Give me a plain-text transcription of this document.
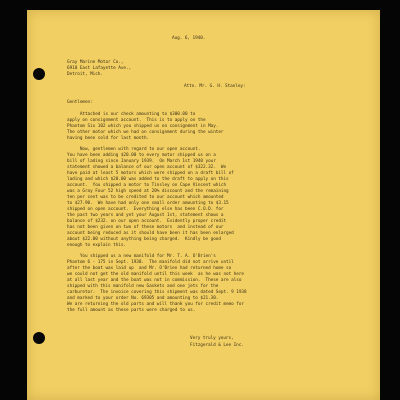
Aug. 6, 1940.
Gray Marine Motor Co.,
6910 East Lafayette Ave.,
Detroit, Mich.
Attn. Mr. G. H. Stanley:
Gentlemen:
Attached is our check amounting to $300.00 to
apply on consignment account.  This is to apply on the
Phantom Six 102 which you shipped us on consignment in May.
The other motor which we had on consignment during the winter
having been sold for last month.
Now, gentlemen with regard to our open account.
You have been adding $20.00 to every motor shipped us on a
bill of lading since January 1939.  On March 1st 1940 your
statement showed a balance of our open account of $322.32.  We
have paid at least 5 motors which were shipped on a draft bill of
lading and which $20.00 was added to the draft to apply on this
account.  You shipped a motor to Tinsley on Cape Vincent which
was a Gray Four 52 high speed at 20% discount and the remaining
ten per cent was to be credited to our account which amounted
to $27.90.  We have had only one small order amounting to $3.15
shipped on open account.  Everything else has been C.O.D. for
the past two years and yet your August 1st, statement shows a
balance of $232. on our open account.  Evidently proper credit
has not been given on two of these motors  and instead of our
account being reduced as it should have been it has been enlarged
about $22.00 without anything being charged.  Kindly be good
enough to explain this.
You shipped us a new manifold for Mr. T. A. O'Brien's
Phantom 6 - 175 in Sept. 1938.  The manifold did not arrive until
after the boat was laid up  and Mr. O'Brien had returned home so
we could not get the old manifold until this week  as he was not here
at all last year and the boat was not in commission.  These are also
shipped with this manifold new Gaskets and one jets for the
carburetor.  The invoice covering this shipment was dated Sept. 9 1938
and marked to your order No. 69305 and amounting to $21.30.
We are returning the old parts and will thank you for credit memo for
the full amount as these parts were charged to us.
Very truly yours,
Fitzgerald & Lee Inc.
